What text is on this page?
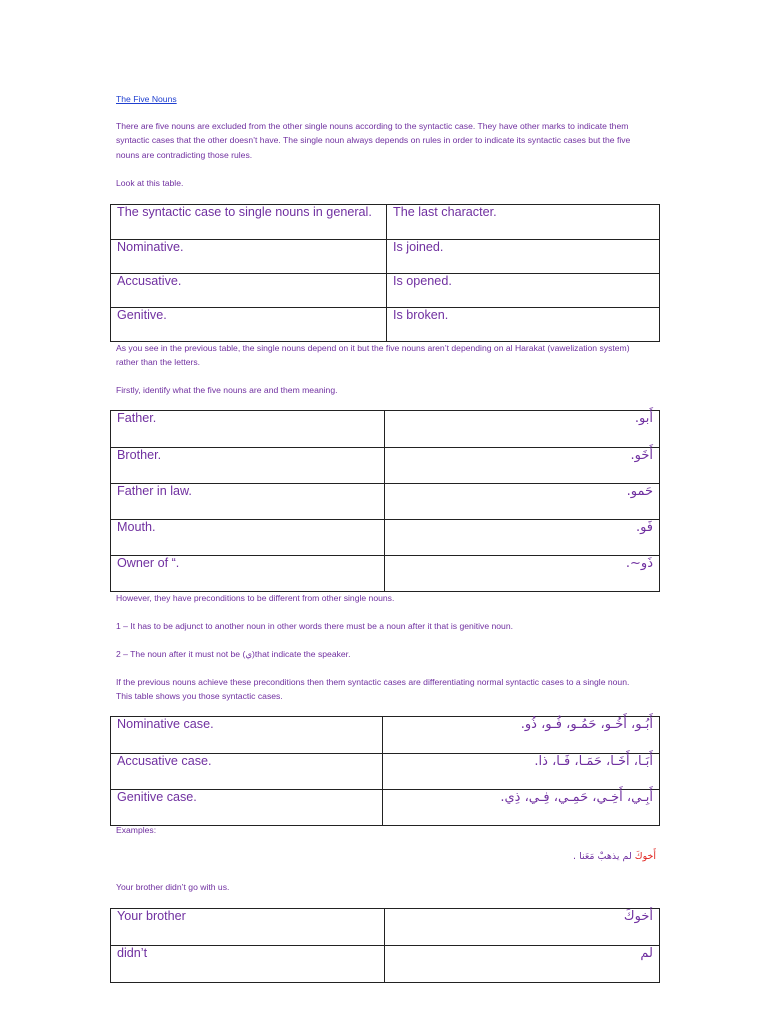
The Five Nouns

There are five nouns are excluded from the other single nouns according to the syntactic case. They have other marks to indicate them syntactic cases that the other doesn’t have. The single noun always depends on rules in order to indicate its syntactic cases but the five nouns are contradicting those rules.

Look at this table.

The syntactic case to single nouns in general.	The last character.
Nominative.	Is joined.
Accusative.	Is opened.
Genitive.	Is broken.

As you see in the previous table, the single nouns depend on it but the five nouns aren’t depending on al Harakat (vawelization system) rather than the letters.

Firstly, identify what the five nouns are and them meaning.

Father.	أَبو.
Brother.	أَخَو.
Father in law.	حَمو.
Mouth.	فَو.
Owner of “.	ذَو~.

However, they have preconditions to be different from other single nouns.

1 – It has to be adjunct to another noun in other words there must be a noun after it that is genitive noun.

2 – The noun after it must not be (ي)that indicate the speaker.

If the previous nouns achieve these preconditions then them syntactic cases are differentiating normal syntactic cases to a single noun. This table shows you those syntactic cases.

Nominative case.	أَبُـو، أَخُـو، حَمُـو، فُـو، ذُو.
Accusative case.	أَبَـا، أَخَـا، حَمَـا، فَـا، ذا.
Genitive case.	أَبِـي، أَخِـي، حَمِـي، فِـي، ذِي.

Examples:

أَخوكَ لم يذهبْ مَعَنا .

Your brother didn’t go with us.

Your brother	أخوكَ
didn’t	لم
